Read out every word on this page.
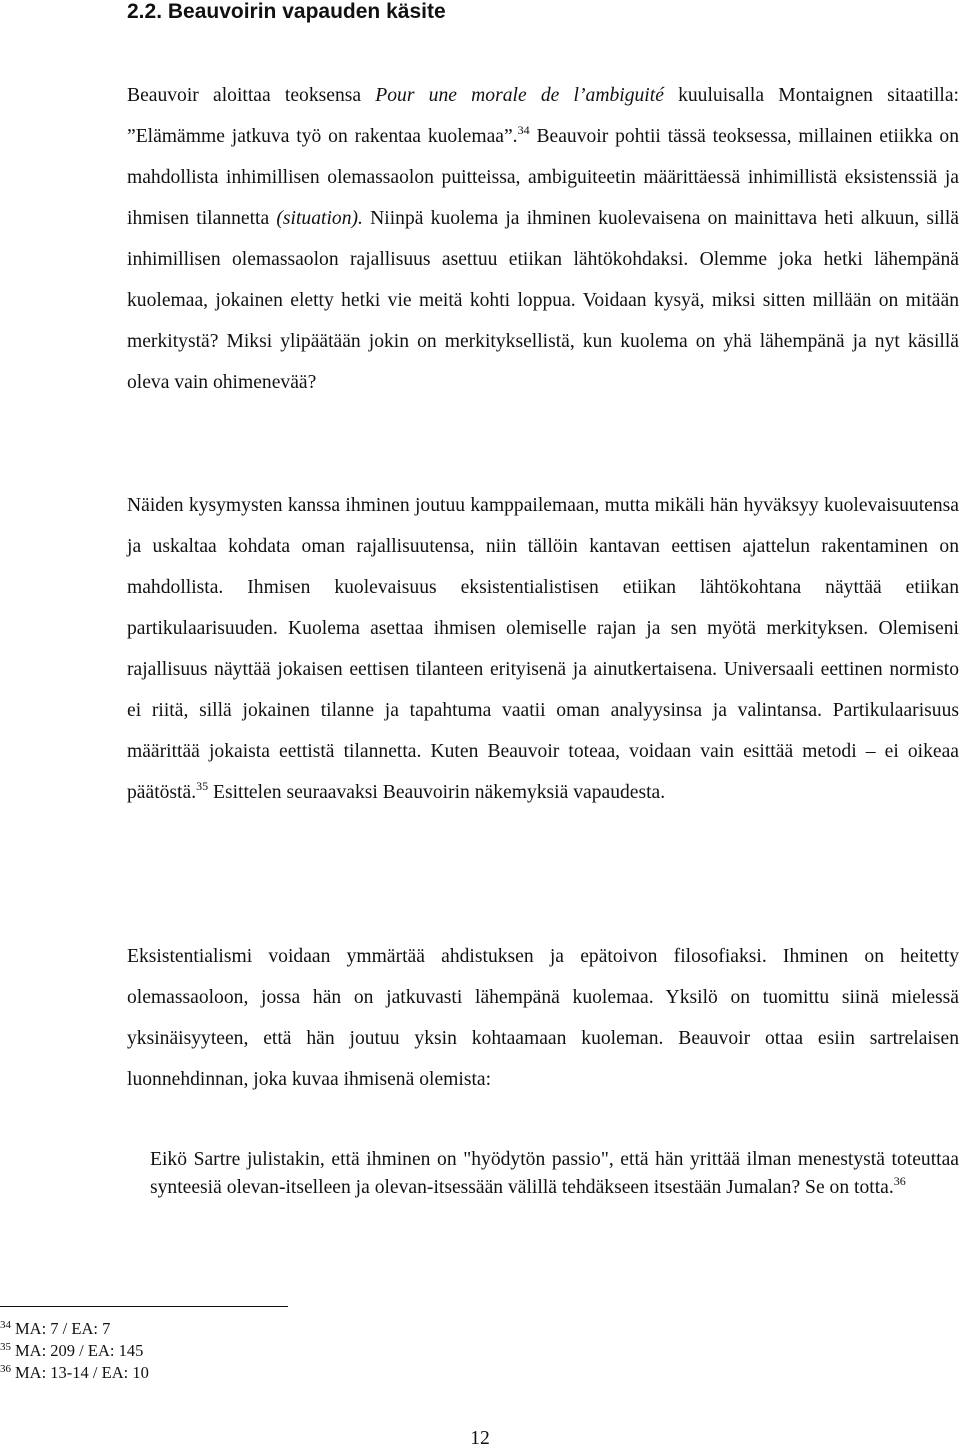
2.2. Beauvoirin vapauden käsite

Beauvoir aloittaa teoksensa Pour une morale de l’ambiguité kuuluisalla Montaignen sitaatilla: ”Elämämme jatkuva työ on rakentaa kuolemaa”.$^{34}$ Beauvoir pohtii tässä teoksessa, millainen etiikka on mahdollista inhimillisen olemassaolon puitteissa, ambiguiteetin määrittäessä inhimillistä eksistenssiä ja ihmisen tilannetta (situation). Niinpä kuolema ja ihminen kuolevaisena on mainittava heti alkuun, sillä inhimillisen olemassaolon rajallisuus asettuu etiikan lähtökohdaksi. Olemme joka hetki lähempänä kuolemaa, jokainen eletty hetki vie meitä kohti loppua. Voidaan kysyä, miksi sitten millään on mitään merkitystä? Miksi ylipäätään jokin on merkityksellistä, kun kuolema on yhä lähempänä ja nyt käsillä oleva vain ohimenevää?

Näiden kysymysten kanssa ihminen joutuu kamppailemaan, mutta mikäli hän hyväksyy kuolevaisuutensa ja uskaltaa kohdata oman rajallisuutensa, niin tällöin kantavan eettisen ajattelun rakentaminen on mahdollista. Ihmisen kuolevaisuus eksistentialistisen etiikan lähtökohtana näyttää etiikan partikulaarisuuden. Kuolema asettaa ihmisen olemiselle rajan ja sen myötä merkityksen. Olemiseni rajallisuus näyttää jokaisen eettisen tilanteen erityisenä ja ainutkertaisena. Universaali eettinen normisto ei riitä, sillä jokainen tilanne ja tapahtuma vaatii oman analyysinsa ja valintansa. Partikulaarisuus määrittää jokaista eettistä tilannetta. Kuten Beauvoir toteaa, voidaan vain esittää metodi – ei oikeaa päätöstä.$^{35}$ Esittelen seuraavaksi Beauvoirin näkemyksiä vapaudesta.

Eksistentialismi voidaan ymmärtää ahdistuksen ja epätoivon filosofiaksi. Ihminen on heitetty olemassaoloon, jossa hän on jatkuvasti lähempänä kuolemaa. Yksilö on tuomittu siinä mielessä yksinäisyyteen, että hän joutuu yksin kohtaamaan kuoleman. Beauvoir ottaa esiin sartrelaisen luonnehdinnan, joka kuvaa ihmisenä olemista:

Eikö Sartre julistakin, että ihminen on "hyödytön passio", että hän yrittää ilman menestystä toteuttaa synteesiä olevan-itselleen ja olevan-itsessään välillä tehdäkseen itsestään Jumalan? Se on totta.$^{36}$

$^{34}$ MA: 7 / EA: 7
$^{35}$ MA: 209 / EA: 145
$^{36}$ MA: 13-14 / EA: 10
12
